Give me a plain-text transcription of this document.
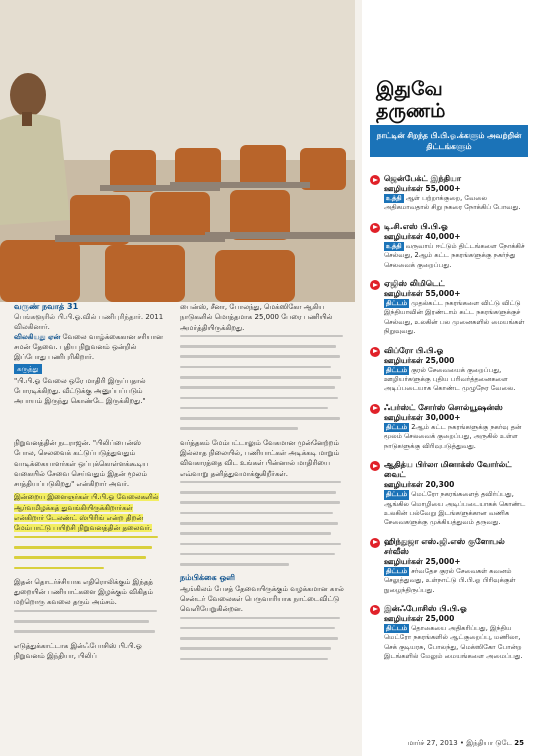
வருண் நவாத் 31
பெங்களூரில் பி.பி.ஓ.வில் பணிபுரிந்தார். 2011 விலகினார்.
விலகியது ஏன் வேலை வாழ்க்கைகான சரியான சமன் தேவை. புதிய நிறுவனம் ஒன்றில் இப்போது பணிபுரிகிறார்.
கருத்து
"பி.பி.ஓ வேலை ஒரே மாதிரி இருப்பதால் போரடிக்கிறது. வீட்டுக்கு அனுப்பப்படும் அபாயம் இருந்து கொண்டே இருக்கிறது."
நிறுவனத்தின் நடராஜன். "பிலிப்பைன்ஸ் போல, செலவைக் கட்டுப்படுத்துவதும் வாடிக்கையாளர்கள் ஒப்புக்கொள்ளக்கூடிய வகையில் சேவை செய்வதும் இதன் மூலம் சாத்தியப்படுகிறது" என்கிறார் அவர்.
இன்றைய இளைஞர்கள் பி.பி.ஓ வேலைகளில் ஆர்வமிழக்கத் துவங்கியிருக்கிறார்கள் என்கிறார் டேலண்ட் ஸ்பிரிங் என்ற திறன் மேம்பாட்டு பயிற்சி நிறுவனத்தின் தலைவர்.
இதன் தொடர்ச்சியாக எதிரொலிக்கும் இந்தத் துறையின் பணியாட்களை இழக்கும் விகிதம் மற்றொரு கவலை தரும் அம்சம்.
எடுத்துக்காட்டாக இன்ஃபோசிஸ் பி.பி.ஓ நிறுவனம் இந்தியா, பிலிப்
பைன்ஸ், சீனா, போலந்து, மெக்ஸிகோ ஆகிய நாடுகளில் மொத்தமாக 25,000 பேரை பணியில் அமர்த்தியிருக்கிறது.
வர்த்தகம் மேம்பட்டாலும் வேகமான முன்னேற்றம் இல்லாத நிலையில், பணியாட்கள் அடிக்கடி மாறும் விவகாரத்தை விட உங்கள் பின்னால் மாதிரியை எவ்வாறு தனித்துவமாக்குகிறீர்கள்.
நம்பிக்கை ஒளி
ஆங்கிலம் பேசத் தேவையிருக்கும் வழக்கமான கால் சென்டர் வேலைகள் பெருவாரியாக நாட்டைவிட்டு வெளியேறுகின்றன.
இதுவே
தருணம்
நாட்டின் சிறந்த பி.பி.ஓ.க்களும் அவற்றின் திட்டங்களும்
ஜென்பேக்ட் இந்தியா
ஊழியர்கள் 55,000+
உத்தி ஆள் பற்றாக்குறை, வேலை அதிகமாவதால் சிறு நகரை நோக்கிப் போவது.
டி.சி.எஸ் பி.பி.ஓ
ஊழியர்கள் 40,000+
உத்தி வருவாய் ஈட்டும் திட்டங்களை நோக்கிச் செல்வது, 2ஆம் கட்ட நகரங்களுக்கு நகர்ந்து செலவைக் குறைப்பது.
ஏஜிஸ் லிமிடெட்
ஊழியர்கள் 55,000+
திட்டம் முதல்கட்ட நகரங்களை விட்டு விட்டு இந்தியாவின் இரண்டாம் கட்ட நகரங்களுக்குச் செல்வது, உலகின் பல முனைகளில் மையங்கள் நிறுவுவது.
விப்ரோ பி.பி.ஓ
ஊழியர்கள் 25,000
திட்டம் குரல் சேவையைக் குறைப்பது, ஊழியர்களுக்கு புதிய பரிவர்த்தனைகளை அடிப்படையாக கொண்ட முழுநேர வேலை.
ஃபர்ஸ்ட் சோர்ஸ் சொல்யூஷன்ஸ்
ஊழியர்கள் 30,000+
திட்டம் 2ஆம் கட்ட நகரங்களுக்கு நகர்வு தன் மூலம் செலவைக் குறைப்பது, அருகில் உள்ள நாடுகளுக்கு விரிவுபடுத்துவது.
ஆதித்ய பிர்லா மினாக்ஸ் வோர்ல்ட் வைட்
ஊழியர்கள் 20,300
திட்டம் மெட்ரோ நகரங்களைத் தவிர்ப்பது, ஆங்கில மொழியை அடிப்படையாகக் கொண்ட உலகின் பல்வேறு இடங்களுக்கான வணிக சேவைகளுக்கு முக்கியத்துவம் தருவது.
ஹிந்துஜா எஸ்.ஜி.எஸ் குளோபல் சர்வீஸ்
ஊழியர்கள் 25,000+
திட்டம் சர்வதேச குரல் சேவைகள் கவனம் செலுத்துவது, உள்நாட்டு பி.பி.ஓ பிரிவுக்குள் நுழைந்திருப்பது.
இன்ஃபோசிஸ் பி.பி.ஓ
ஊழியர்கள் 25,000
திட்டம் தொகையை அதிகரிப்பது, இந்திய மெட்ரோ நகரங்களில் ஆட்குறைப்பு, மணிலா, செக் குடியரசு, போலந்து, மெக்ஸிகோ போன்ற இடங்களில் மேலும் மையங்களை அமைப்பது.
மார்ச் 27, 2013 • இந்தியா டுடே 25
